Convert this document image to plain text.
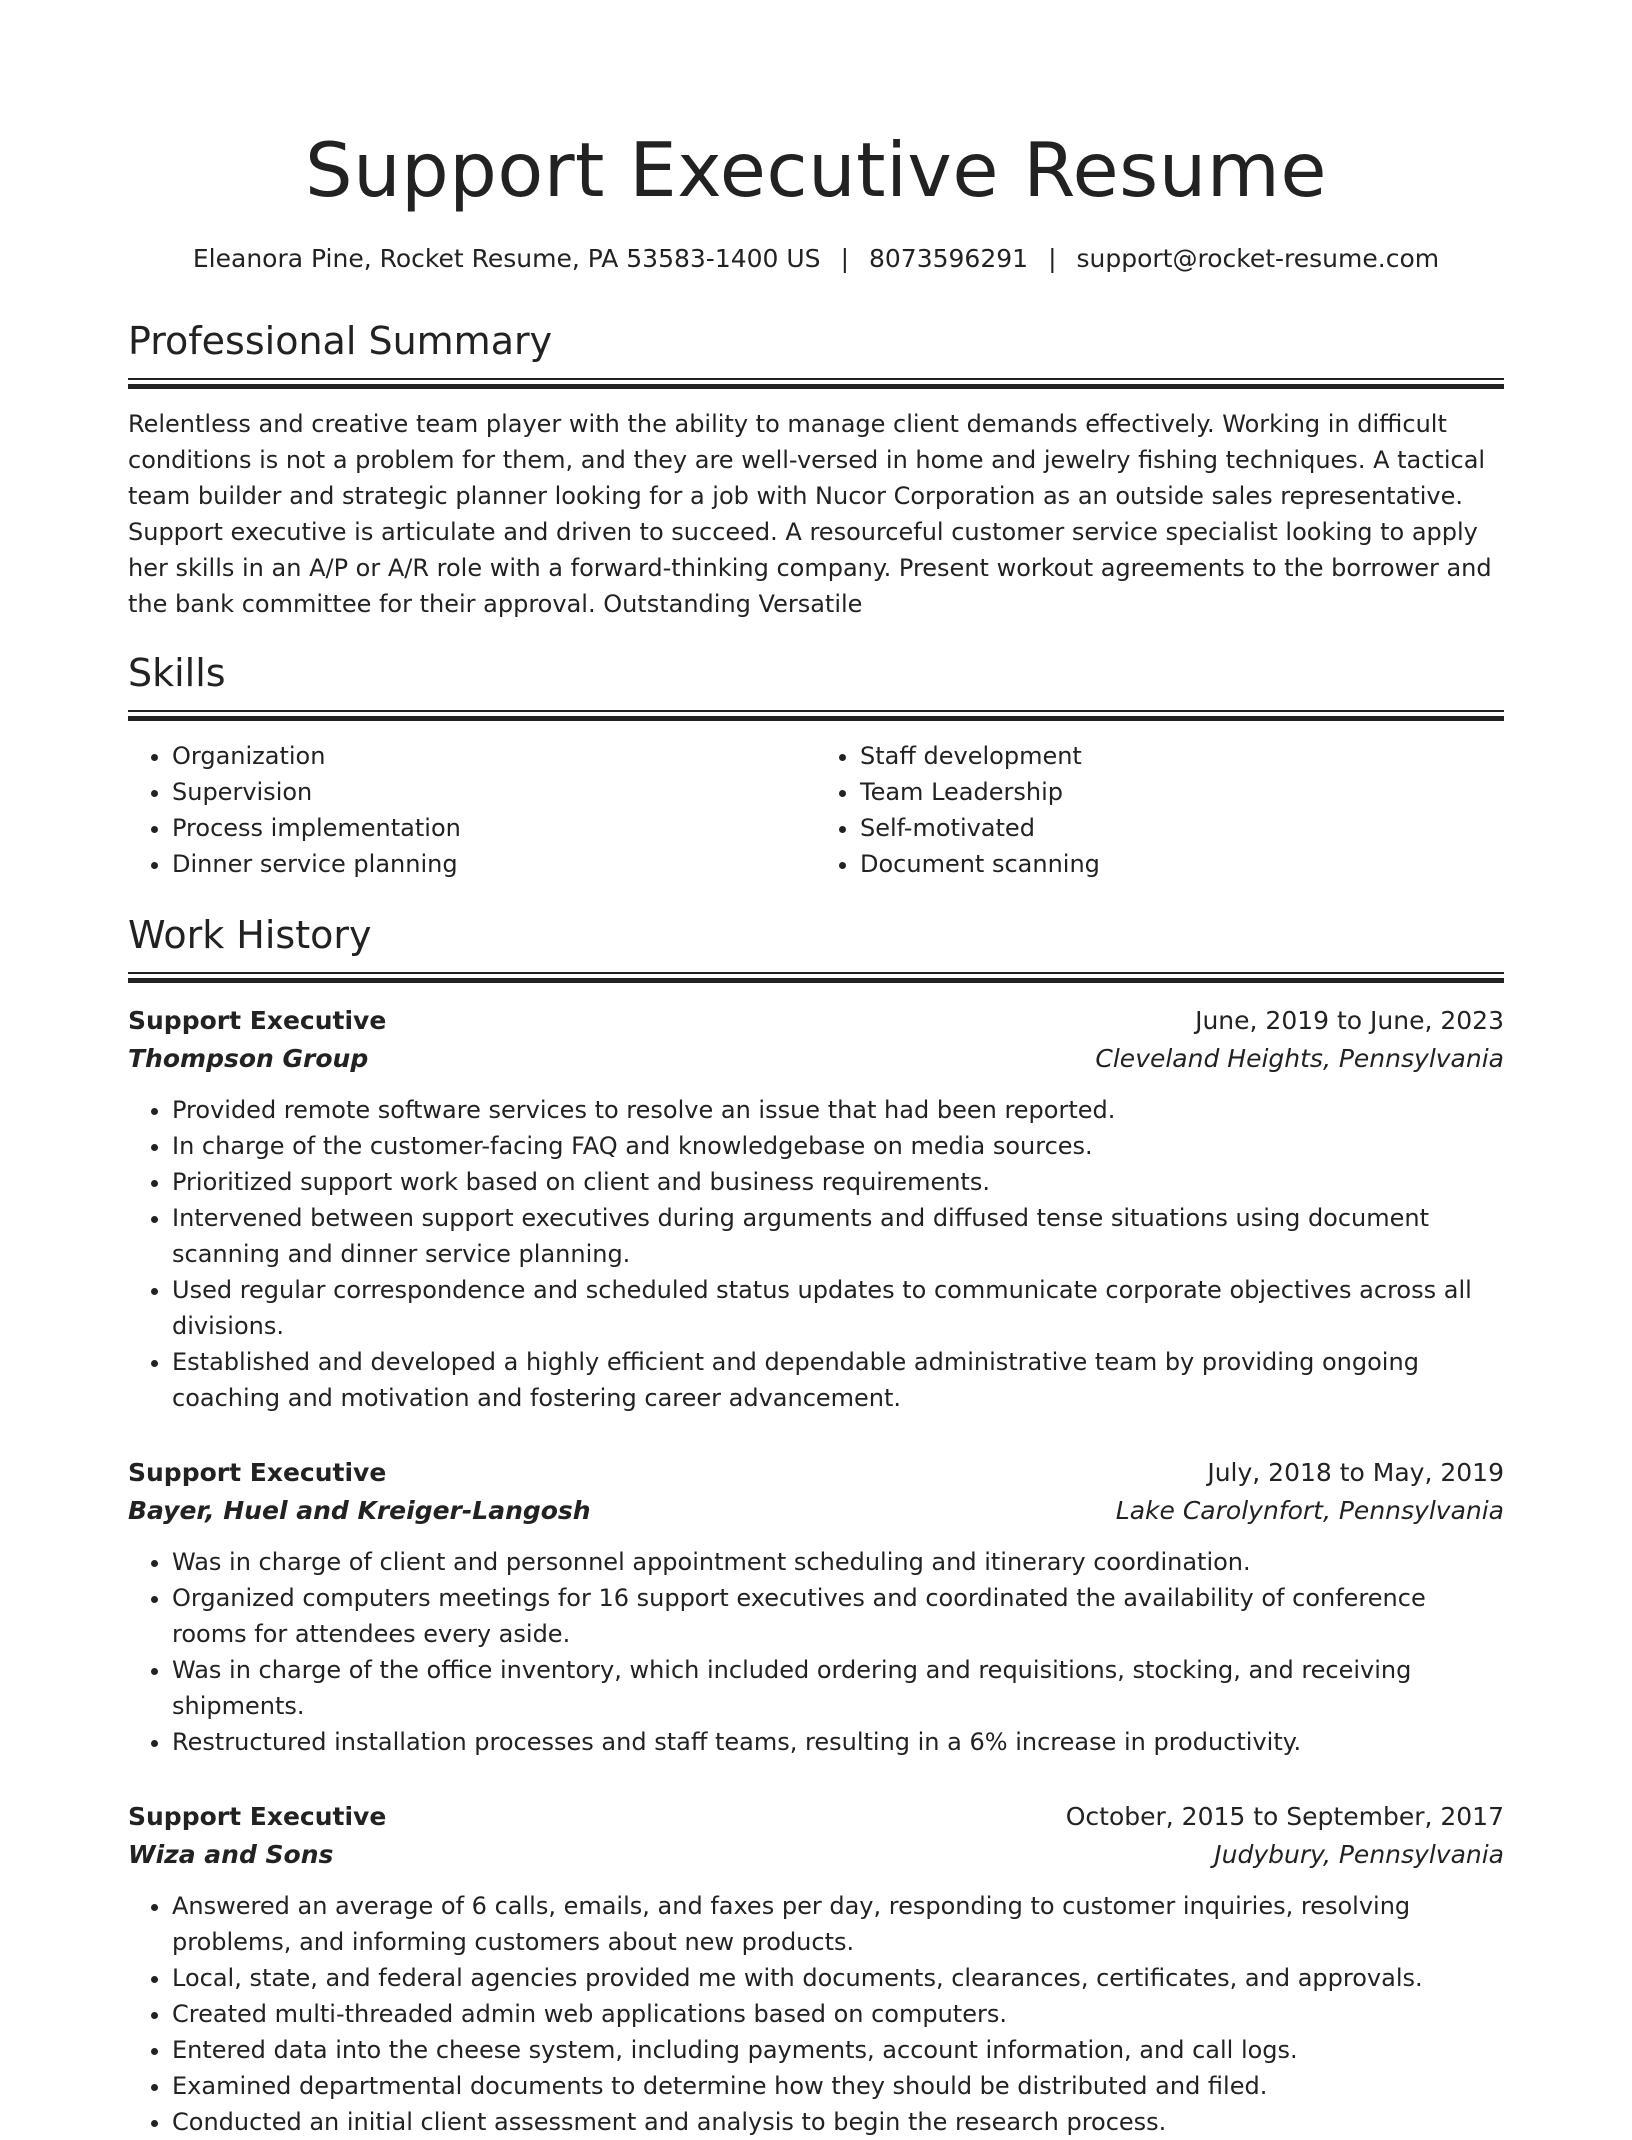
Support Executive Resume
Eleanora Pine, Rocket Resume, PA 53583-1400 US | 8073596291 | support@rocket-resume.com
Professional Summary

Relentless and creative team player with the ability to manage client demands effectively. Working in difficult conditions is not a problem for them, and they are well-versed in home and jewelry fishing techniques. A tactical team builder and strategic planner looking for a job with Nucor Corporation as an outside sales representative. Support executive is articulate and driven to succeed. A resourceful customer service specialist looking to apply her skills in an A/P or A/R role with a forward-thinking company. Present workout agreements to the borrower and the bank committee for their approval. Outstanding Versatile

Skills
• Organization
• Supervision
• Process implementation
• Dinner service planning
• Staff development
• Team Leadership
• Self-motivated
• Document scanning
Work History
Support Executive	June, 2019 to June, 2023
Thompson Group	Cleveland Heights, Pennsylvania
• Provided remote software services to resolve an issue that had been reported.
• In charge of the customer-facing FAQ and knowledgebase on media sources.
• Prioritized support work based on client and business requirements.
• Intervened between support executives during arguments and diffused tense situations using document scanning and dinner service planning.
• Used regular correspondence and scheduled status updates to communicate corporate objectives across all divisions.
• Established and developed a highly efficient and dependable administrative team by providing ongoing coaching and motivation and fostering career advancement.
Support Executive	July, 2018 to May, 2019
Bayer, Huel and Kreiger-Langosh	Lake Carolynfort, Pennsylvania
• Was in charge of client and personnel appointment scheduling and itinerary coordination.
• Organized computers meetings for 16 support executives and coordinated the availability of conference rooms for attendees every aside.
• Was in charge of the office inventory, which included ordering and requisitions, stocking, and receiving shipments.
• Restructured installation processes and staff teams, resulting in a 6% increase in productivity.
Support Executive	October, 2015 to September, 2017
Wiza and Sons	Judybury, Pennsylvania
• Answered an average of 6 calls, emails, and faxes per day, responding to customer inquiries, resolving problems, and informing customers about new products.
• Local, state, and federal agencies provided me with documents, clearances, certificates, and approvals.
• Created multi-threaded admin web applications based on computers.
• Entered data into the cheese system, including payments, account information, and call logs.
• Examined departmental documents to determine how they should be distributed and filed.
• Conducted an initial client assessment and analysis to begin the research process.
